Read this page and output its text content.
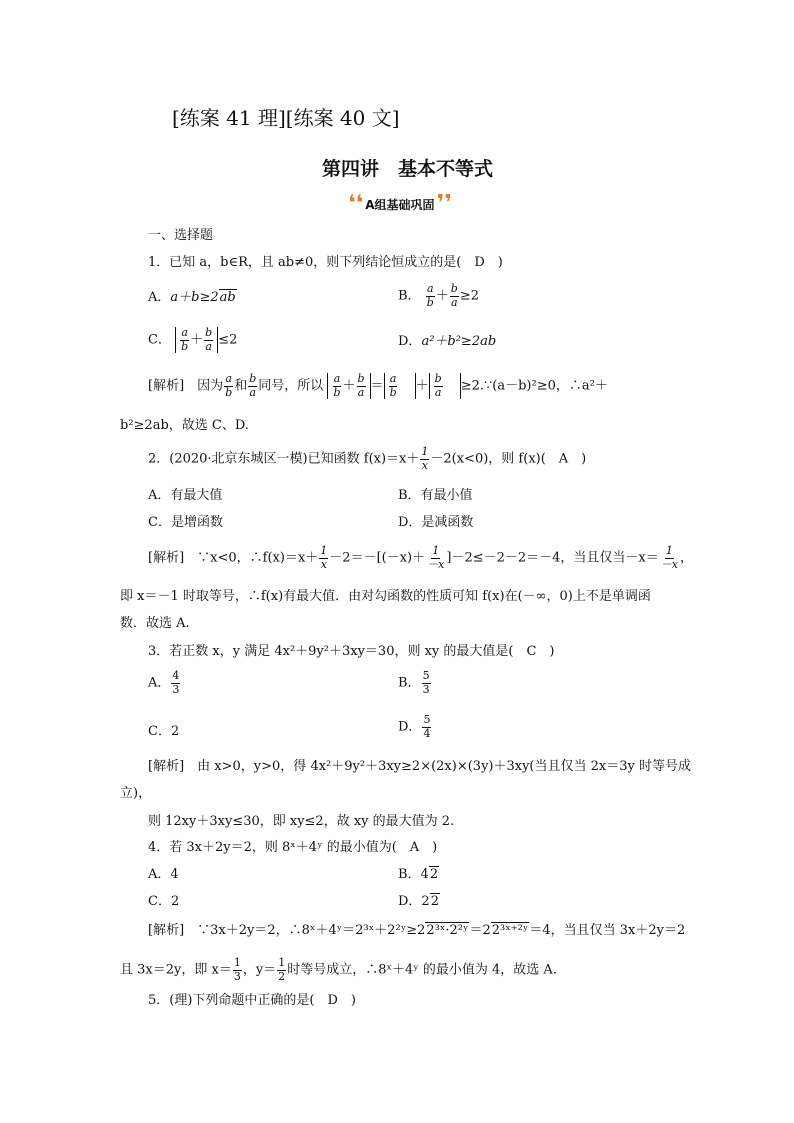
[练案 41 理][练案 40 文]
第四讲　基本不等式
❛❛ A组基础巩固 ❜❜
一、选择题
1．已知 a，b∈R，且 ab≠0，则下列结论恒成立的是(　D　)
A．a＋b≥2ab	B． $\frac{a}{b} + \frac{b}{a} \ge 2$
C． $\frac{a}{b} + \frac{b}{a} \le 2$	D．a²＋b²≥2ab
[解析]　 因为 $\frac{a}{b}$ 和 $\frac{b}{a}$ 同号，所以 $\frac{a}{b} + \frac{b}{a} = \frac{a}{b}$
　 ＋ $\frac{b}{a}$
　 ≥2.∵(a－b)²≥0，∴a²＋
b²≥2ab，故选 C、D.
2．(2020·北京东城区一模)已知函数 $f(x)=x+ \frac{1}{x} -2(x<0)$，则 f(x)(　A　)
A．有最大值	B．有最小值
C．是增函数	D．是减函数
[解析]　 ∵x<0，∴f(x)＝x＋ $\frac{1}{x} -2=-[(-x)+ \frac{1}{-x} ]-2\le-2-2=-4$，当且仅当$-x= \frac{1}{-x}$ ，
即 x＝－1 时取等号，∴f(x)有最大值．由对勾函数的性质可知 f(x)在(－∞，0)上不是单调函
数．故选 A.
3．若正数 x，y 满足 4x²＋9y²＋3xy＝30，则 xy 的最大值是(　C　)
A． $\frac{4}{3}$	B． $\frac{5}{3}$
C．2	D． $\frac{5}{4}$
[解析]　 由 x>0，y>0，得 4x²＋9y²＋3xy≥2×(2x)×(3y)＋3xy(当且仅当 2x＝3y 时等号成
立)，
则 12xy＋3xy≤30，即 xy≤2，故 xy 的最大值为 2.
4．若 3x＋2y＝2，则 8ˣ＋4ʸ 的最小值为(　A　)
A．4	B．42
C．2	D．22
[解析]　 ∵3x＋2y＝2，∴8ˣ＋4ʸ＝2³ˣ＋2²ʸ≥22³ˣ·2²ʸ＝22³ˣ⁺²ʸ＝4，当且仅当 3x＋2y＝2
且 3x＝2y，即 $x= \frac{1}{3}$ ，$y= \frac{1}{2}$ 时等号成立，∴8ˣ＋4ʸ 的最小值为 4，故选 A.
5．(理)下列命题中正确的是(　D　)
